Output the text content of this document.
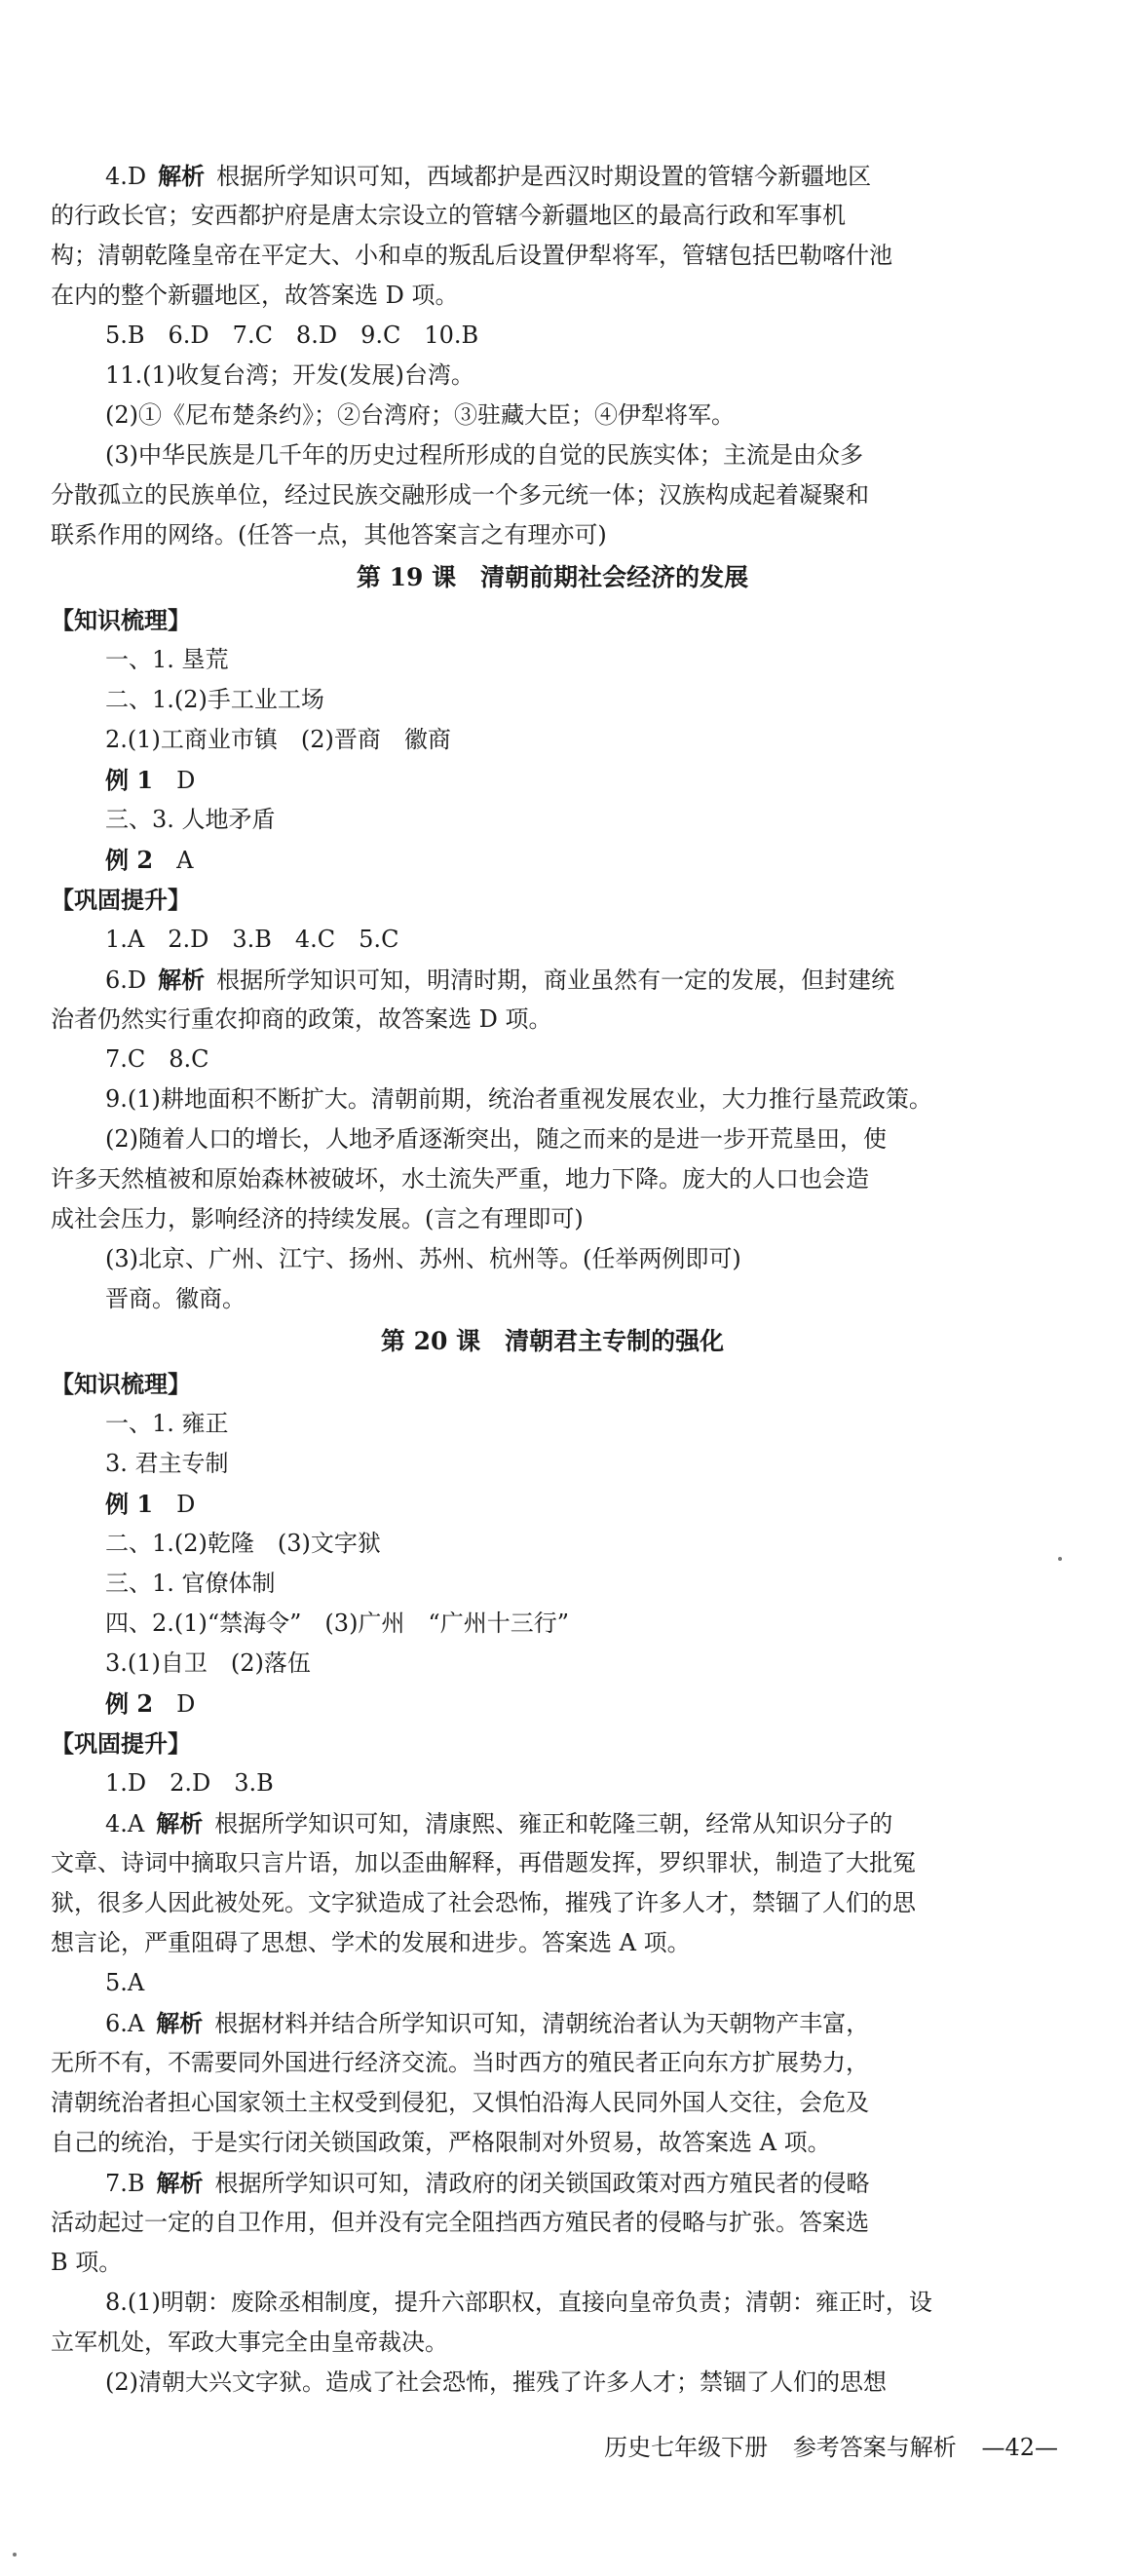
4.D 解析 根据所学知识可知，西域都护是西汉时期设置的管辖今新疆地区
的行政长官；安西都护府是唐太宗设立的管辖今新疆地区的最高行政和军事机
构；清朝乾隆皇帝在平定大、小和卓的叛乱后设置伊犁将军，管辖包括巴勒喀什池
在内的整个新疆地区，故答案选 D 项。
5.B　6.D　7.C　8.D　9.C　10.B
11.(1)收复台湾；开发(发展)台湾。
(2)①《尼布楚条约》；②台湾府；③驻藏大臣；④伊犁将军。
(3)中华民族是几千年的历史过程所形成的自觉的民族实体；主流是由众多
分散孤立的民族单位，经过民族交融形成一个多元统一体；汉族构成起着凝聚和
联系作用的网络。(任答一点，其他答案言之有理亦可)
第 19 课　清朝前期社会经济的发展
【知识梳理】
一、1. 垦荒
二、1.(2)手工业工场
2.(1)工商业市镇　(2)晋商　徽商
例 1　 D
三、3. 人地矛盾
例 2　 A
【巩固提升】
1.A　2.D　3.B　4.C　5.C
6.D 解析 根据所学知识可知，明清时期，商业虽然有一定的发展，但封建统
治者仍然实行重农抑商的政策，故答案选 D 项。
7.C　8.C
9.(1)耕地面积不断扩大。清朝前期，统治者重视发展农业，大力推行垦荒政策。
(2)随着人口的增长，人地矛盾逐渐突出，随之而来的是进一步开荒垦田，使
许多天然植被和原始森林被破坏，水土流失严重，地力下降。庞大的人口也会造
成社会压力，影响经济的持续发展。(言之有理即可)
(3)北京、广州、江宁、扬州、苏州、杭州等。(任举两例即可)
晋商。徽商。
第 20 课　清朝君主专制的强化
【知识梳理】
一、1. 雍正
3. 君主专制
例 1　 D
二、1.(2)乾隆　(3)文字狱
三、1. 官僚体制
四、2.(1)“禁海令”　(3)广州　“广州十三行”
3.(1)自卫　(2)落伍
例 2　 D
【巩固提升】
1.D　2.D　3.B
4.A 解析 根据所学知识可知，清康熙、雍正和乾隆三朝，经常从知识分子的
文章、诗词中摘取只言片语，加以歪曲解释，再借题发挥，罗织罪状，制造了大批冤
狱，很多人因此被处死。文字狱造成了社会恐怖，摧残了许多人才，禁锢了人们的思
想言论，严重阻碍了思想、学术的发展和进步。答案选 A 项。
5.A
6.A 解析 根据材料并结合所学知识可知，清朝统治者认为天朝物产丰富，
无所不有，不需要同外国进行经济交流。当时西方的殖民者正向东方扩展势力，
清朝统治者担心国家领土主权受到侵犯，又惧怕沿海人民同外国人交往，会危及
自己的统治，于是实行闭关锁国政策，严格限制对外贸易，故答案选 A 项。
7.B 解析 根据所学知识可知，清政府的闭关锁国政策对西方殖民者的侵略
活动起过一定的自卫作用，但并没有完全阻挡西方殖民者的侵略与扩张。答案选
B 项。
8.(1)明朝：废除丞相制度，提升六部职权，直接向皇帝负责；清朝：雍正时，设
立军机处，军政大事完全由皇帝裁决。
(2)清朝大兴文字狱。造成了社会恐怖，摧残了许多人才；禁锢了人们的思想
历史七年级下册 参考答案与解析 —42—
